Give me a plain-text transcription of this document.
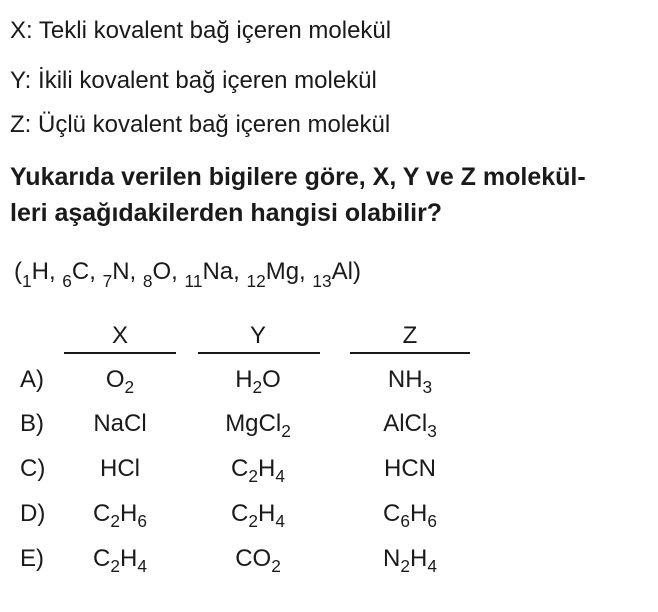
X: Tekli kovalent bağ içeren molekül
Y: İkili kovalent bağ içeren molekül
Z: Üçlü kovalent bağ içeren molekül
Yukarıda verilen bigilere göre, X, Y ve Z molekül-
leri aşağıdakilerden hangisi olabilir?
($_1H$, $_6$C, $_7$N, $_8$O, $_{11}$Na, $_{12}$Mg, $_{13}$Al)
X	Y	Z
A)	$O_2$	$H_2O$	$NH_3$
B)	NaCl	MgCl$_2$	AlCl$_3$
C)	HCl	$C_2H_4$	HCN
D)	$C_2H_6$	$C_2H_4$	$C_6H_6$
E)	$C_2H_4$	$CO_2$	$N_2H_4$
